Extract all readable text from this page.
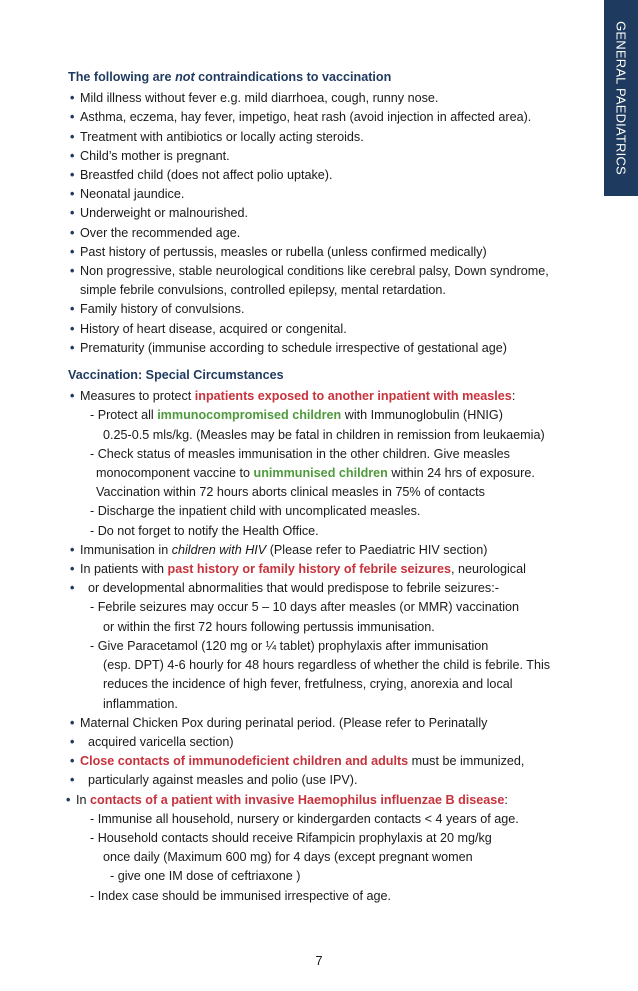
GENERAL PAEDIATRICS

The following are not contraindications to vaccination

• Mild illness without fever e.g. mild diarrhoea, cough, runny nose.
• Asthma, eczema, hay fever, impetigo, heat rash (avoid injection in affected area).
• Treatment with antibiotics or locally acting steroids.
• Child’s mother is pregnant.
• Breastfed child (does not affect polio uptake).
• Neonatal jaundice.
• Underweight or malnourished.
• Over the recommended age.
• Past history of pertussis, measles or rubella (unless confirmed medically)
• Non progressive, stable neurological conditions like cerebral palsy, Down syndrome, simple febrile convulsions, controlled epilepsy, mental retardation.
• Family history of convulsions.
• History of heart disease, acquired or congenital.
• Prematurity (immunise according to schedule irrespective of gestational age)

Vaccination: Special Circumstances

• Measures to protect inpatients exposed to another inpatient with measles:
- Protect all immunocompromised children with Immunoglobulin (HNIG)
0.25-0.5 mls/kg. (Measles may be fatal in children in remission from leukaemia)
- Check status of measles immunisation in the other children. Give measles
monocomponent vaccine to unimmunised children within 24 hrs of exposure.
Vaccination within 72 hours aborts clinical measles in 75% of contacts
- Discharge the inpatient child with uncomplicated measles.
- Do not forget to notify the Health Office.
• Immunisation in children with HIV (Please refer to Paediatric HIV section)
• In patients with past history or family history of febrile seizures, neurological
• or developmental abnormalities that would predispose to febrile seizures:-
- Febrile seizures may occur 5 – 10 days after measles (or MMR) vaccination
or within the first 72 hours following pertussis immunisation.
- Give Paracetamol (120 mg or ¼ tablet) prophylaxis after immunisation
(esp. DPT) 4-6 hourly for 48 hours regardless of whether the child is febrile. This reduces the incidence of high fever, fretfulness, crying, anorexia and local inflammation.
• Maternal Chicken Pox during perinatal period. (Please refer to Perinatally
• acquired varicella section)
• Close contacts of immunodeficient children and adults must be immunized,
• particularly against measles and polio (use IPV).
• In contacts of a patient with invasive Haemophilus influenzae B disease:
- Immunise all household, nursery or kindergarden contacts < 4 years of age.
- Household contacts should receive Rifampicin prophylaxis at 20 mg/kg
once daily (Maximum 600 mg) for 4 days (except pregnant women
- give one IM dose of ceftriaxone )
- Index case should be immunised irrespective of age.
7
